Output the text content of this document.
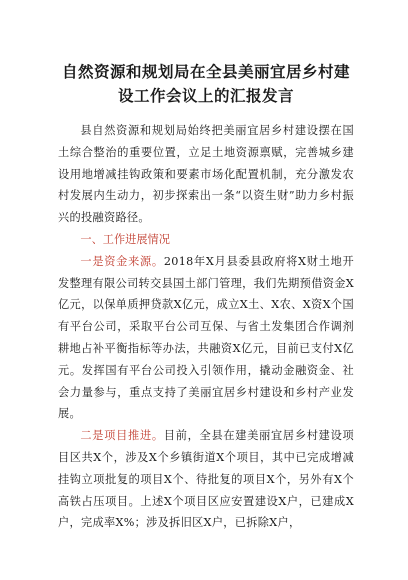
自然资源和规划局在全县美丽宜居乡村建
设工作会议上的汇报发言

县自然资源和规划局始终把美丽宜居乡村建设摆在国土综合整治的重要位置，立足土地资源禀赋，完善城乡建设用地增减挂钩政策和要素市场化配置机制，充分激发农村发展内生动力，初步探索出一条“以资生财”助力乡村振兴的投融资路径。

一、工作进展情况

一是资金来源。2018年X月县委县政府将X财土地开发整理有限公司转交县国土部门管理，我们先期预借资金X亿元，以保单质押贷款X亿元，成立X土、X农、X资X个国有平台公司，采取平台公司互保、与省土发集团合作调剂耕地占补平衡指标等办法，共融资X亿元，目前已支付X亿元。发挥国有平台公司投入引领作用，撬动金融资金、社会力量参与，重点支持了美丽宜居乡村建设和乡村产业发展。

二是项目推进。目前，全县在建美丽宜居乡村建设项目区共X个，涉及X个乡镇街道X个项目，其中已完成增减挂钩立项批复的项目X个、待批复的项目X个，另外有X个高铁占压项目。上述X个项目区应安置建设X户，已建成X户，完成率X%；涉及拆旧区X户，已拆除X户，
